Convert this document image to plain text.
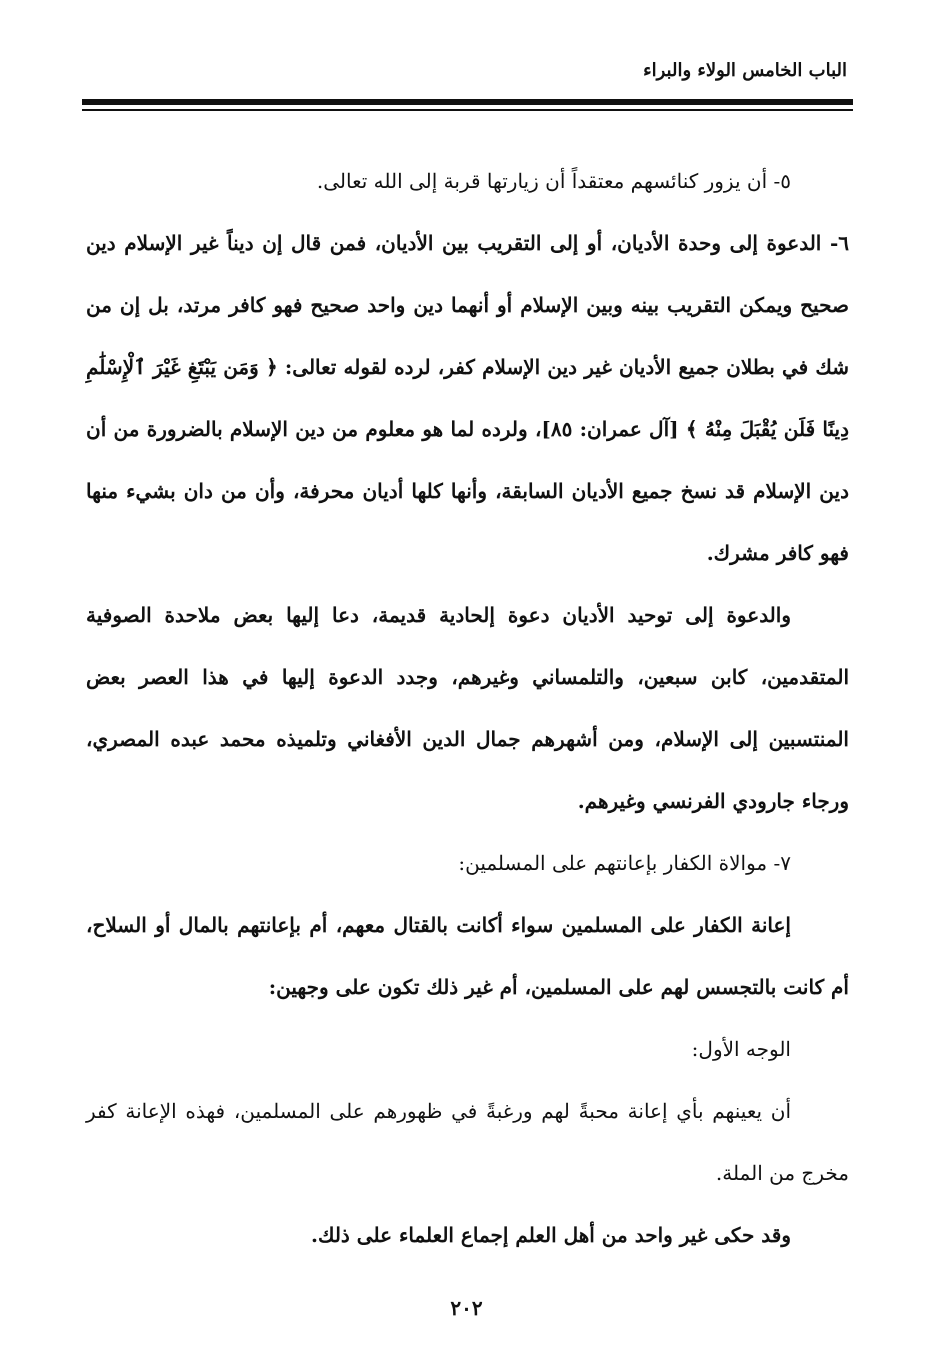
الباب الخامس الولاء والبراء

٥- أن يزور كنائسهم معتقداً أن زيارتها قربة إلى الله تعالى.

٦- الدعوة إلى وحدة الأديان، أو إلى التقريب بين الأديان، فمن قال إن ديناً غير الإسلام دين صحيح ويمكن التقريب بينه وبين الإسلام أو أنهما دين واحد صحيح فهو كافر مرتد، بل إن من شك في بطلان جميع الأديان غير دين الإسلام كفر، لرده لقوله تعالى: ﴿ وَمَن يَبْتَغِ غَيْرَ ٱلْإِسْلَٰمِ دِينًا فَلَن يُقْبَلَ مِنْهُ ﴾ [آل عمران: ٨٥]، ولرده لما هو معلوم من دين الإسلام بالضرورة من أن دين الإسلام قد نسخ جميع الأديان السابقة، وأنها كلها أديان محرفة، وأن من دان بشيء منها فهو كافر مشرك.

والدعوة إلى توحيد الأديان دعوة إلحادية قديمة، دعا إليها بعض ملاحدة الصوفية المتقدمين، كابن سبعين، والتلمساني وغيرهم، وجدد الدعوة إليها في هذا العصر بعض المنتسبين إلى الإسلام، ومن أشهرهم جمال الدين الأفغاني وتلميذه محمد عبده المصري، ورجاء جارودي الفرنسي وغيرهم.

٧- موالاة الكفار بإعانتهم على المسلمين:

إعانة الكفار على المسلمين سواء أكانت بالقتال معهم، أم بإعانتهم بالمال أو السلاح، أم كانت بالتجسس لهم على المسلمين، أم غير ذلك تكون على وجهين:

الوجه الأول:

أن يعينهم بأي إعانة محبةً لهم ورغبةً في ظهورهم على المسلمين، فهذه الإعانة كفر مخرج من الملة.

وقد حكى غير واحد من أهل العلم إجماع العلماء على ذلك.

٢٠٢
